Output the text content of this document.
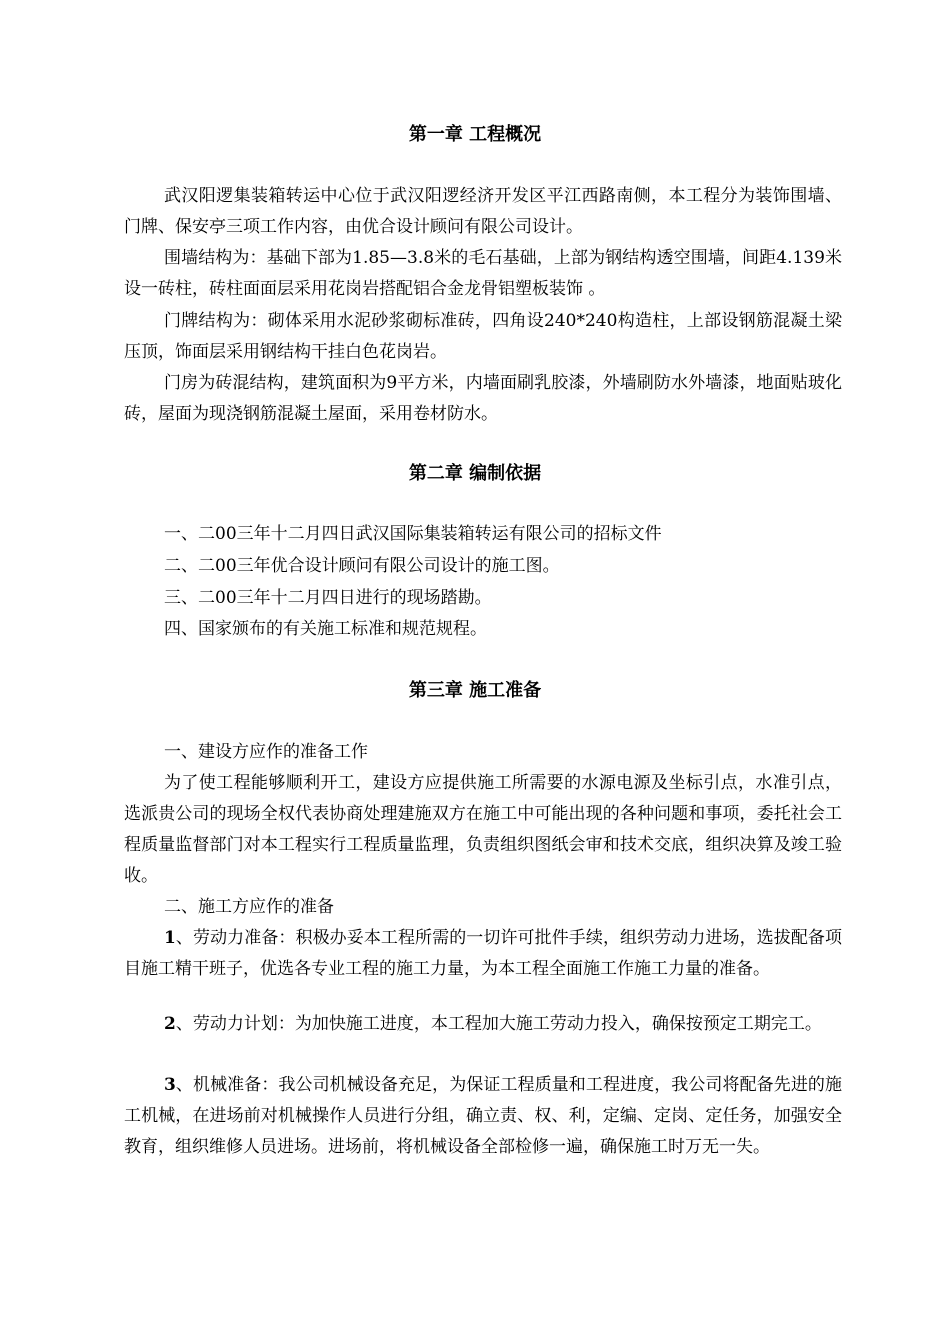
第一章 工程概况
武汉阳逻集装箱转运中心位于武汉阳逻经济开发区平江西路南侧，本工程分为装饰围墙、门牌、保安亭三项工作内容，由优合设计顾问有限公司设计。
围墙结构为：基础下部为1.85—3.8米的毛石基础，上部为钢结构透空围墙，间距4.139米设一砖柱，砖柱面面层采用花岗岩搭配铝合金龙骨铝塑板装饰 。
门牌结构为：砌体采用水泥砂浆砌标准砖，四角设240*240构造柱，上部设钢筋混凝土梁压顶，饰面层采用钢结构干挂白色花岗岩。
门房为砖混结构，建筑面积为9平方米，内墙面刷乳胶漆，外墙刷防水外墙漆，地面贴玻化砖，屋面为现浇钢筋混凝土屋面，采用卷材防水。
第二章 编制依据
一、二00三年十二月四日武汉国际集装箱转运有限公司的招标文件
二、二00三年优合设计顾问有限公司设计的施工图。
三、二00三年十二月四日进行的现场踏勘。
四、国家颁布的有关施工标准和规范规程。
第三章 施工准备
一、建设方应作的准备工作
为了使工程能够顺利开工，建设方应提供施工所需要的水源电源及坐标引点，水准引点，选派贵公司的现场全权代表协商处理建施双方在施工中可能出现的各种问题和事项，委托社会工程质量监督部门对本工程实行工程质量监理，负责组织图纸会审和技术交底，组织决算及竣工验收。
二、施工方应作的准备
1、劳动力准备：积极办妥本工程所需的一切许可批件手续，组织劳动力进场，选拔配备项目施工精干班子，优选各专业工程的施工力量，为本工程全面施工作施工力量的准备。
2、劳动力计划：为加快施工进度，本工程加大施工劳动力投入，确保按预定工期完工。
3、机械准备：我公司机械设备充足，为保证工程质量和工程进度，我公司将配备先进的施工机械，在进场前对机械操作人员进行分组，确立责、权、利，定编、定岗、定任务，加强安全教育，组织维修人员进场。进场前，将机械设备全部检修一遍，确保施工时万无一失。
